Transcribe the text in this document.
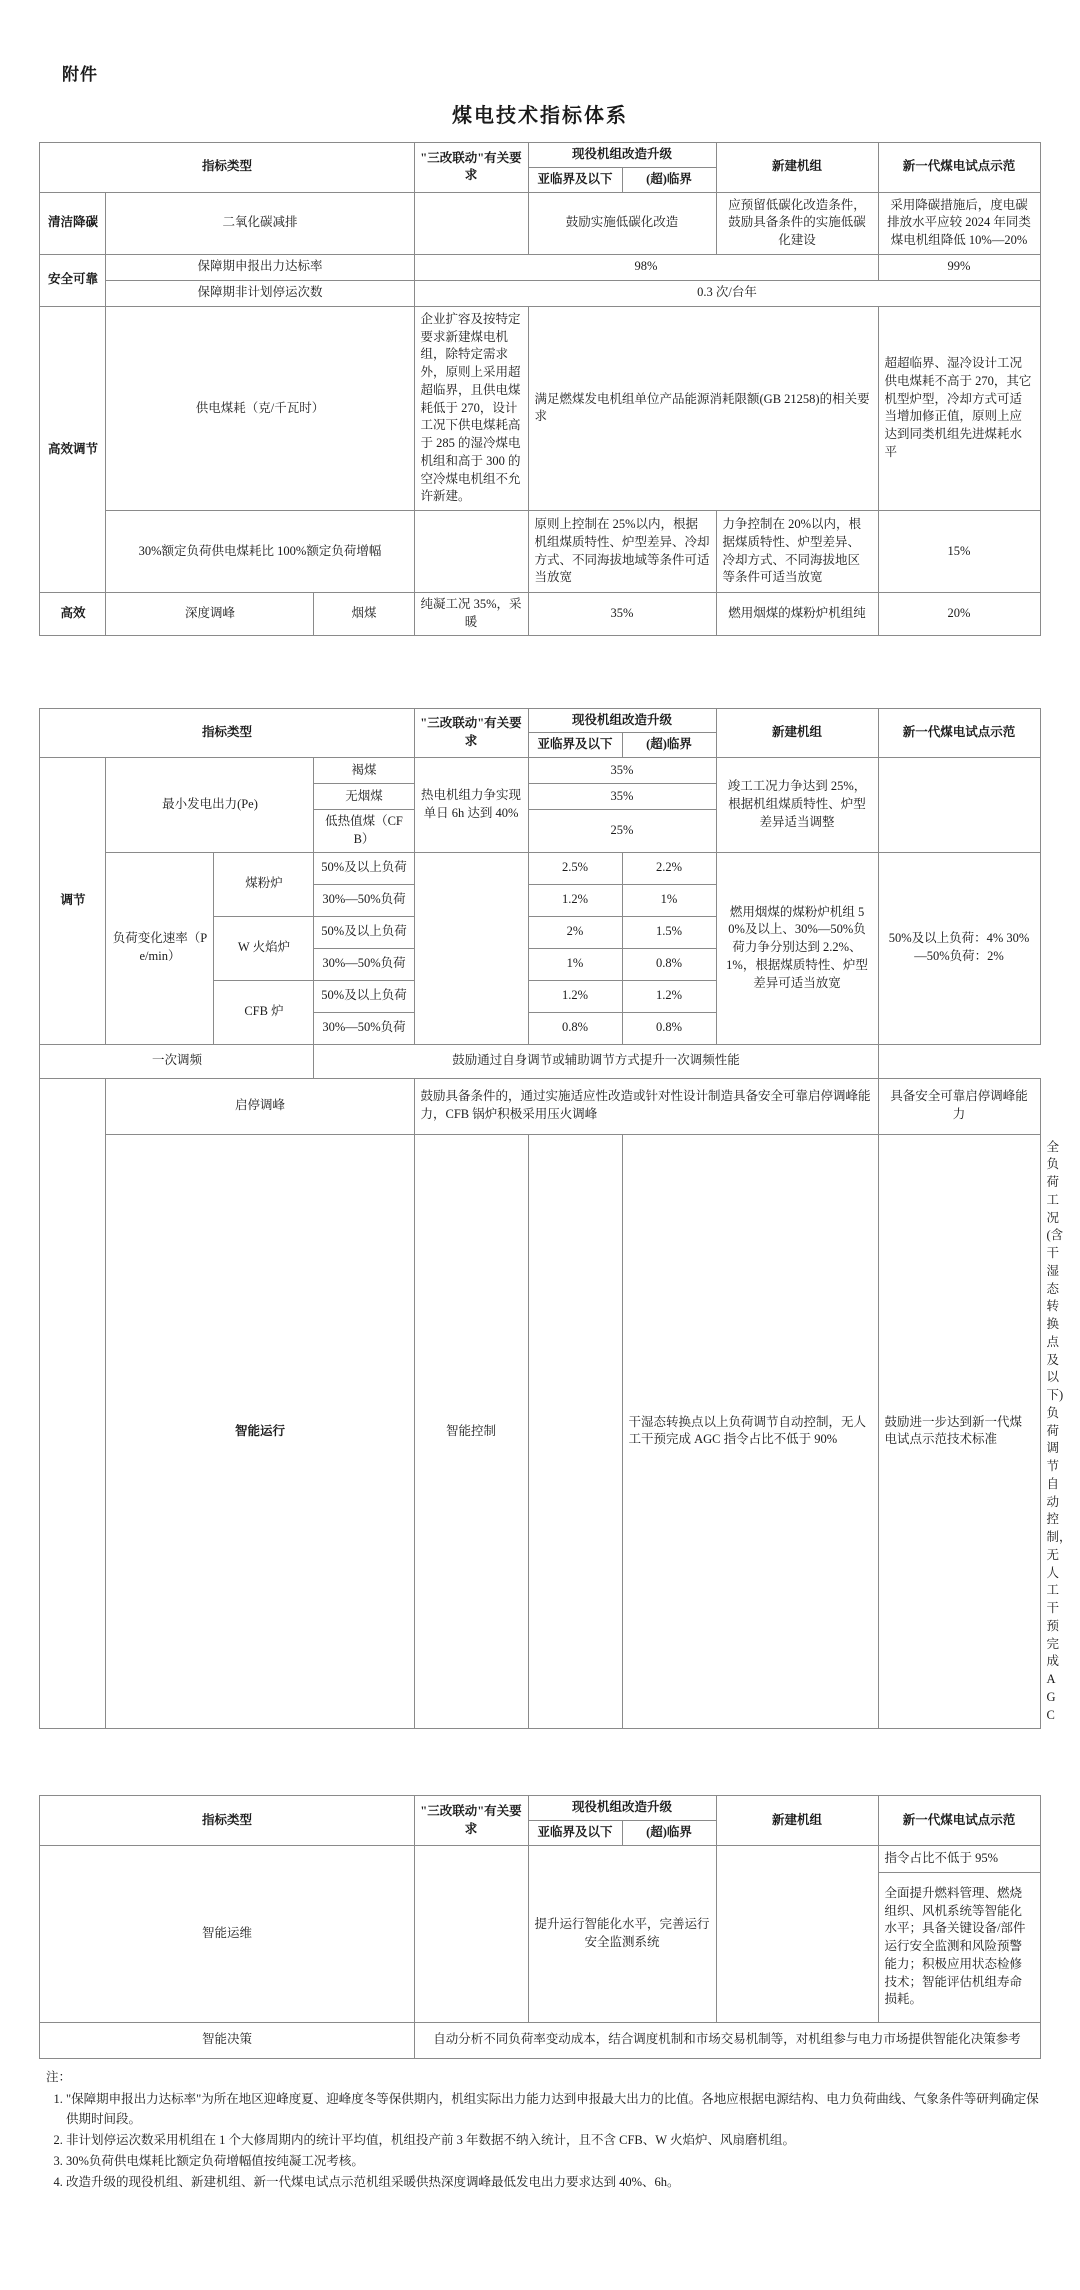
附件
煤电技术指标体系
指标类型			"三改联动"有关要求	现役机组改造升级		新建机组	新一代煤电试点示范
				亚临界及以下	(超)临界		
清洁降碳	二氧化碳减排			鼓励实施低碳化改造		应预留低碳化改造条件，鼓励具备条件的实施低碳化建设	采用降碳措施后，度电碳排放水平应较 2024 年同类煤电机组降低 10%—20%
安全可靠	保障期申报出力达标率		98%				99%
	保障期非计划停运次数		0.3 次/台年				
高效调节	供电煤耗（克/千瓦时）		企业扩容及按特定要求新建煤电机组，除特定需求外，原则上采用超超临界，且供电煤耗低于 270，设计工况下供电煤耗高于 285 的湿冷煤电机组和高于 300 的空冷煤电机组不允许新建。	满足燃煤发电机组单位产品能源消耗限额(GB 21258)的相关要求			超超临界、湿冷设计工况供电煤耗不高于 270，其它机型炉型，冷却方式可适当增加修正值，原则上应达到同类机组先进煤耗水平
	30%额定负荷供电煤耗比 100%额定负荷增幅			原则上控制在 25%以内，根据机组煤质特性、炉型差异、冷却方式、不同海拔地域等条件可适当放宽		力争控制在 20%以内，根据煤质特性、炉型差异、冷却方式、不同海拔地区等条件可适当放宽	15%
高效	深度调峰	烟煤	纯凝工况 35%，采暖	35%		燃用烟煤的煤粉炉机组纯	20%
指标类型				"三改联动"有关要求	现役机组改造升级		新建机组	新一代煤电试点示范	
					亚临界及以下	(超)临界			
调节	最小发电出力(Pe)		褐煤	热电机组力争实现单日 6h 达到 40%	35%		竣工工况力争达到 25%，根据机组煤质特性、炉型差异适当调整		
			无烟煤		35%				
			低热值煤（CFB）		25%				
	负荷变化速率（Pe/min）	煤粉炉	50%及以上负荷		2.5%	2.2%	燃用烟煤的煤粉炉机组 50%及以上、30%—50%负荷力争分别达到 2.2%、1%，根据煤质特性、炉型差异可适当放宽	50%及以上负荷：4% 30%—50%负荷：2%	
			30%—50%负荷		1.2%	1%			
		W 火焰炉	50%及以上负荷		2%	1.5%			
			30%—50%负荷		1%	0.8%			
		CFB 炉	50%及以上负荷		1.2%	1.2%			
			30%—50%负荷		0.8%	0.8%			
一次调频			鼓励通过自身调节或辅助调节方式提升一次调频性能						
	启停调峰			鼓励具备条件的，通过实施适应性改造或针对性设计制造具备安全可靠启停调峰能力，CFB 锅炉积极采用压火调峰				具备安全可靠启停调峰能力	
	智能运行			智能控制		干湿态转换点以上负荷调节自动控制，无人工干预完成 AGC 指令占比不低于 90%		鼓励进一步达到新一代煤电试点示范技术标准	全负荷工况(含干湿态转换点及以下)负荷调节自动控制，无人工干预完成 AGC
指标类型	"三改联动"有关要求	现役机组改造升级		新建机组	新一代煤电试点示范
		亚临界及以下	(超)临界		
智能运维		提升运行智能化水平，完善运行安全监测系统			指令占比不低于 95%
					全面提升燃料管理、燃烧组织、风机系统等智能化水平；具备关键设备/部件运行安全监测和风险预警能力；积极应用状态检修技术；智能评估机组寿命损耗。
智能决策	自动分析不同负荷率变动成本，结合调度机制和市场交易机制等，对机组参与电力市场提供智能化决策参考				
注：
1. "保障期申报出力达标率"为所在地区迎峰度夏、迎峰度冬等保供期内，机组实际出力能力达到申报最大出力的比值。各地应根据电源结构、电力负荷曲线、气象条件等研判确定保供期时间段。
2. 非计划停运次数采用机组在 1 个大修周期内的统计平均值，机组投产前 3 年数据不纳入统计，且不含 CFB、W 火焰炉、风扇磨机组。
3. 30%负荷供电煤耗比额定负荷增幅值按纯凝工况考核。
4. 改造升级的现役机组、新建机组、新一代煤电试点示范机组采暖供热深度调峰最低发电出力要求达到 40%、6h。
